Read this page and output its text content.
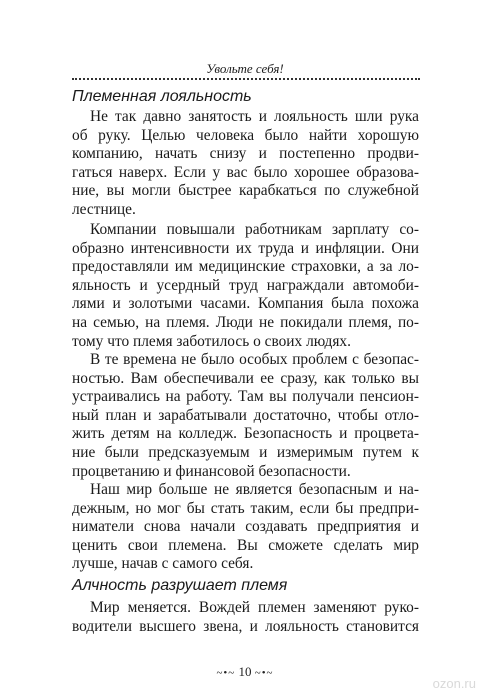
Увольте себя!
Племенная лояльность

Не так давно занятость и лояльность шли рука
об руку. Целью человека было найти хорошую
компанию, начать снизу и постепенно продви-
гаться наверх. Если у вас было хорошее образова-
ние, вы могли быстрее карабкаться по служебной
лестнице.

Компании повышали работникам зарплату со-
образно интенсивности их труда и инфляции. Они
предоставляли им медицинские страховки, а за ло-
яльность и усердный труд награждали автомоби-
лями и золотыми часами. Компания была похожа
на семью, на племя. Люди не покидали племя, по-
тому что племя заботилось о своих людях.

В те времена не было особых проблем с безопас-
ностью. Вам обеспечивали ее сразу, как только вы
устраивались на работу. Там вы получали пенсион-
ный план и зарабатывали достаточно, чтобы отло-
жить детям на колледж. Безопасность и процвета-
ние были предсказуемым и измеримым путем к
процветанию и финансовой безопасности.

Наш мир больше не является безопасным и на-
дежным, но мог бы стать таким, если бы предпри-
ниматели снова начали создавать предприятия и
ценить свои племена. Вы сможете сделать мир
лучше, начав с самого себя.

Алчность разрушает племя

Мир меняется. Вождей племен заменяют руко-
водители высшего звена, и лояльность становится

~•~ 10 ~•~
ozon.ru
